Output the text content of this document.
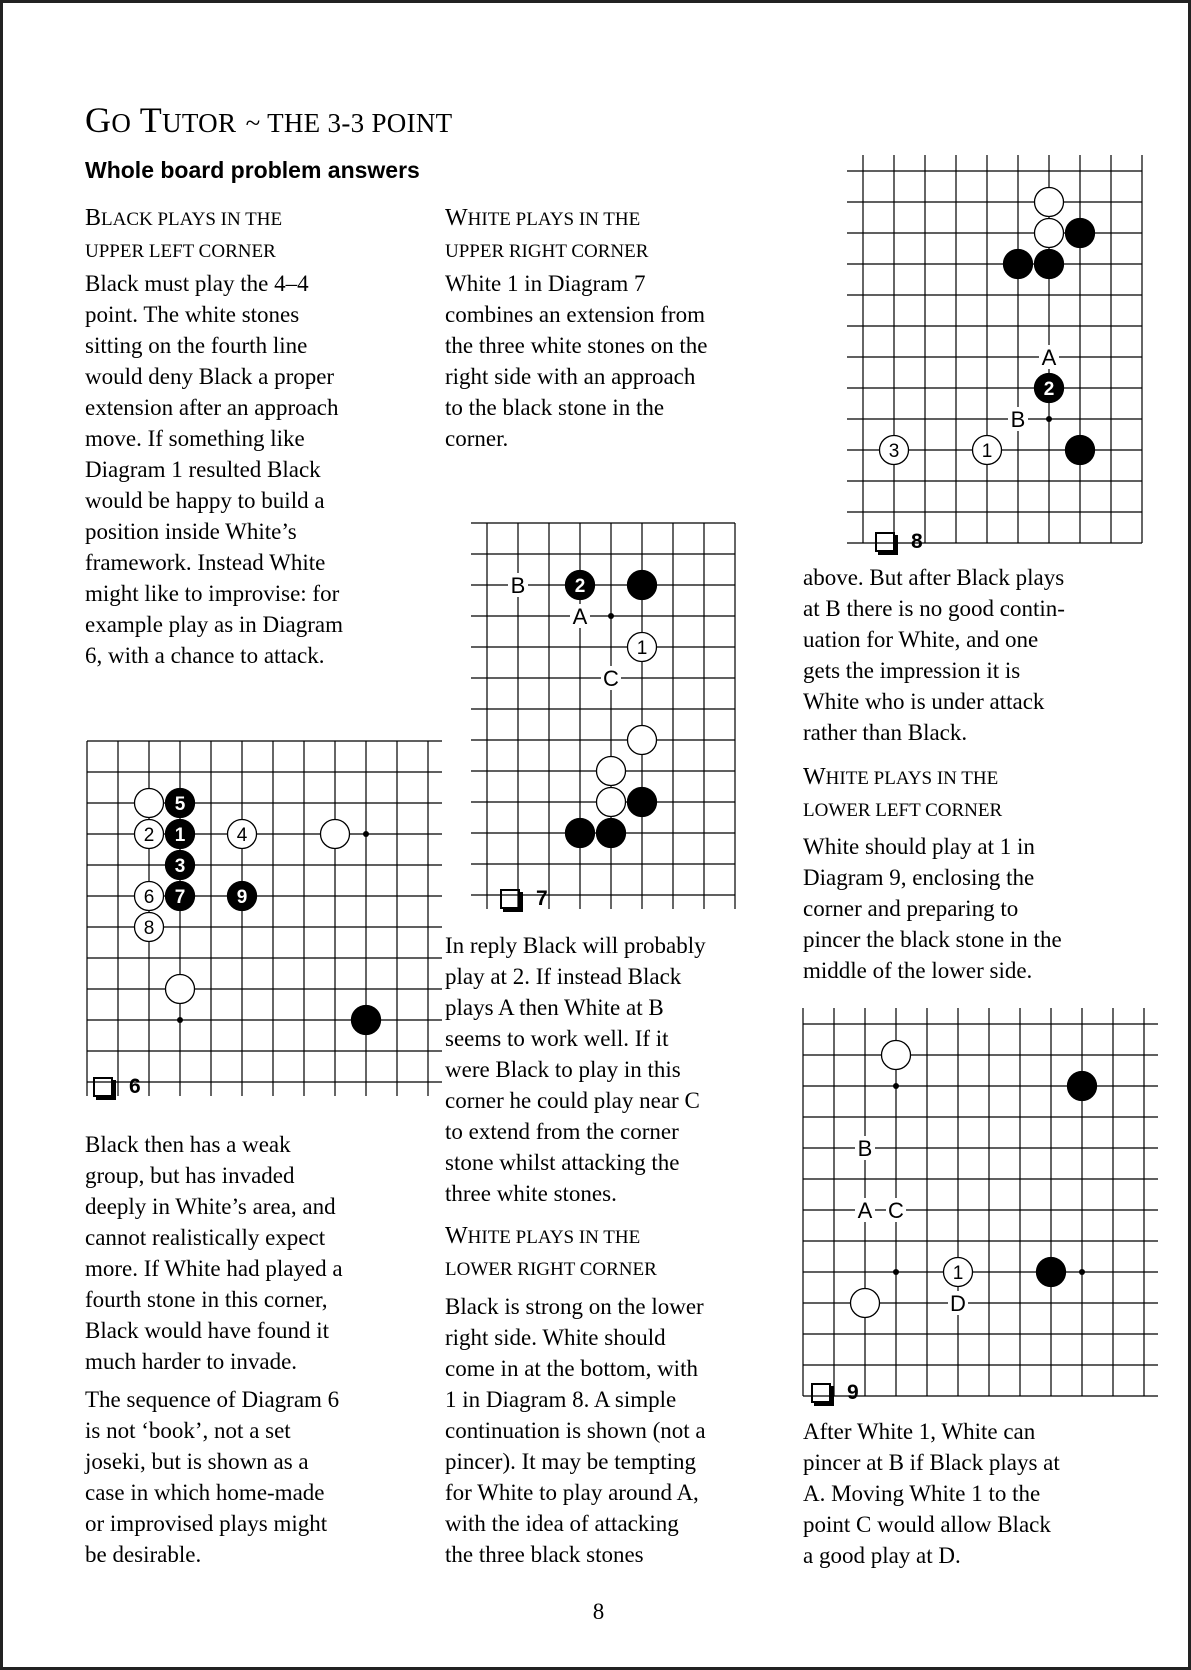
GO TUTOR ~ THE 3-3 POINT
Whole board problem answers
BLACK PLAYS IN THE
UPPER LEFT CORNER
Black must play the 4–4
point. The white stones
sitting on the fourth line
would deny Black a proper
extension after an approach
move. If something like
Diagram 1 resulted Black
would be happy to build a
position inside White’s
framework. Instead White
might like to improvise: for
example play as in Diagram
6, with a chance to attack.
5
2 1	4
3
6 7	9
8
6
Black then has a weak
group, but has invaded
deeply in White’s area, and
cannot realistically expect
more. If White had played a
fourth stone in this corner,
Black would have found it
much harder to invade.
The sequence of Diagram 6
is not ‘book’, not a set
joseki, but is shown as a
case in which home-made
or improvised plays might
be desirable.
WHITE PLAYS IN THE
UPPER RIGHT CORNER
White 1 in Diagram 7
combines an extension from
the three white stones on the
right side with an approach
to the black stone in the
corner.
B
A
C
2
1
7
In reply Black will probably
play at 2. If instead Black
plays A then White at B
seems to work well. If it
were Black to play in this
corner he could play near C
to extend from the corner
stone whilst attacking the
three white stones.
WHITE PLAYS IN THE
LOWER RIGHT CORNER
Black is strong on the lower
right side. White should
come in at the bottom, with
1 in Diagram 8. A simple
continuation is shown (not a
pincer). It may be tempting
for White to play around A,
with the idea of attacking
the three black stones
A
B
2
3	1
8
above. But after Black plays
at B there is no good contin-
uation for White, and one
gets the impression it is
White who is under attack
rather than Black.
WHITE PLAYS IN THE
LOWER LEFT CORNER
White should play at 1 in
Diagram 9, enclosing the
corner and preparing to
pincer the black stone in the
middle of the lower side.
B
A C
D
1
9
After White 1, White can
pincer at B if Black plays at
A. Moving White 1 to the
point C would allow Black
a good play at D.
8
